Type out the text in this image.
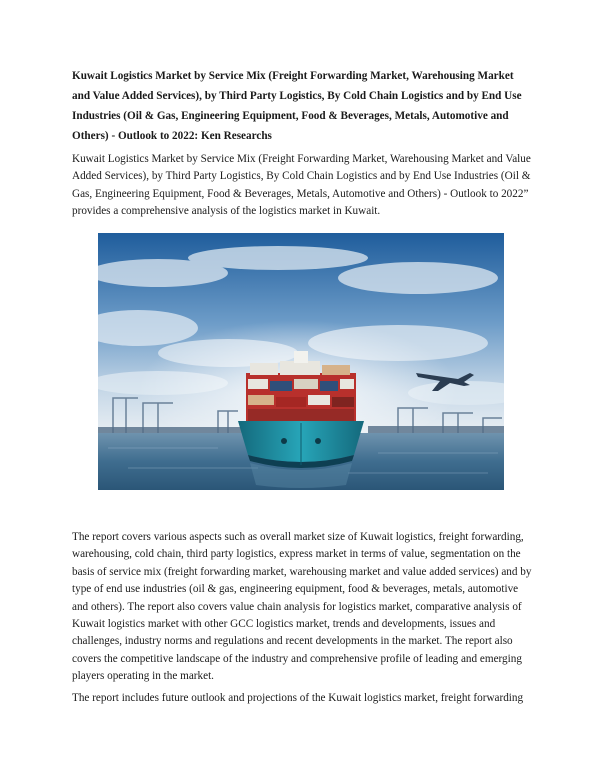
Kuwait Logistics Market by Service Mix (Freight Forwarding Market, Warehousing Market and Value Added Services), by Third Party Logistics, By Cold Chain Logistics and by End Use Industries (Oil & Gas, Engineering Equipment, Food & Beverages, Metals, Automotive and Others) - Outlook to 2022: Ken Researchs

Kuwait Logistics Market by Service Mix (Freight Forwarding Market, Warehousing Market and Value Added Services), by Third Party Logistics, By Cold Chain Logistics and by End Use Industries (Oil & Gas, Engineering Equipment, Food & Beverages, Metals, Automotive and Others) - Outlook to 2022” provides a comprehensive analysis of the logistics market in Kuwait.

The report covers various aspects such as overall market size of Kuwait logistics, freight forwarding, warehousing, cold chain, third party logistics, express market in terms of value, segmentation on the basis of service mix (freight forwarding market, warehousing market and value added services) and by type of end use industries (oil & gas, engineering equipment, food & beverages, metals, automotive and others). The report also covers value chain analysis for logistics market, comparative analysis of Kuwait logistics market with other GCC logistics market, trends and developments, issues and challenges, industry norms and regulations and recent developments in the market. The report also covers the competitive landscape of the industry and comprehensive profile of leading and emerging players operating in the market.

The report includes future outlook and projections of the Kuwait logistics market, freight forwarding
